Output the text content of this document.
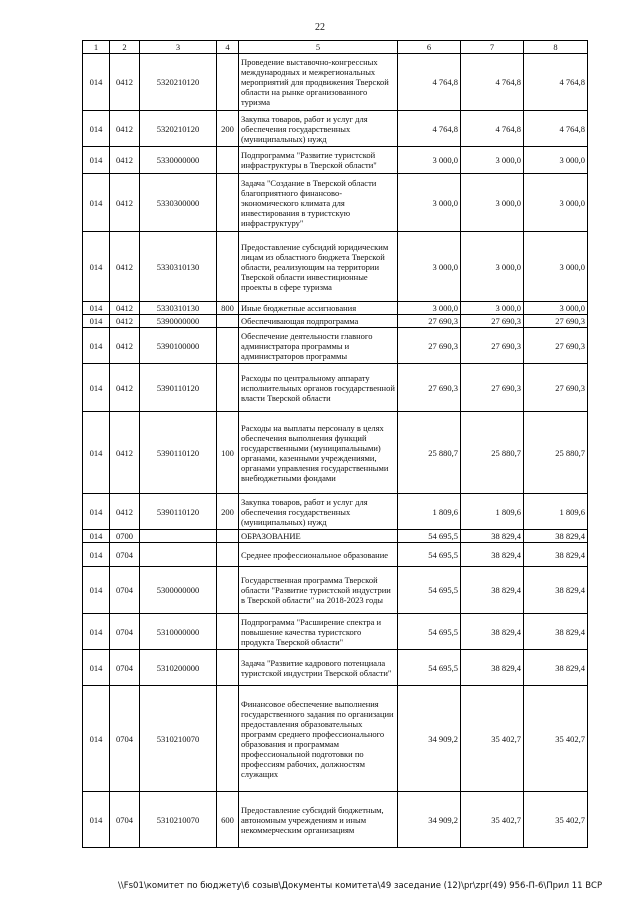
22
1	2	3	4	5	6	7	8
014	0412	5320210120		Проведение выставочно-конгрессных международных и межрегиональных мероприятий для продвижения Тверской области на рынке организованного туризма	4 764,8	4 764,8	4 764,8
014	0412	5320210120	200	Закупка товаров, работ и услуг для обеспечения государственных (муниципальных) нужд	4 764,8	4 764,8	4 764,8
014	0412	5330000000		Подпрограмма "Развитие туристской инфраструктуры в Тверской области"	3 000,0	3 000,0	3 000,0
014	0412	5330300000		Задача "Создание в Тверской области благоприятного финансово-экономического климата для инвестирования в туристскую инфраструктуру"	3 000,0	3 000,0	3 000,0
014	0412	5330310130		Предоставление субсидий юридическим лицам из областного бюджета Тверской области, реализующим на территории Тверской области инвестиционные проекты в сфере туризма	3 000,0	3 000,0	3 000,0
014	0412	5330310130	800	Иные бюджетные ассигнования	3 000,0	3 000,0	3 000,0
014	0412	5390000000		Обеспечивающая подпрограмма	27 690,3	27 690,3	27 690,3
014	0412	5390100000		Обеспечение деятельности главного администратора программы и администраторов программы	27 690,3	27 690,3	27 690,3
014	0412	5390110120		Расходы по центральному аппарату исполнительных органов государственной власти Тверской области	27 690,3	27 690,3	27 690,3
014	0412	5390110120	100	Расходы на выплаты персоналу в целях обеспечения выполнения функций государственными (муниципальными) органами, казенными учреждениями, органами управления государственными внебюджетными фондами	25 880,7	25 880,7	25 880,7
014	0412	5390110120	200	Закупка товаров, работ и услуг для обеспечения государственных (муниципальных) нужд	1 809,6	1 809,6	1 809,6
014	0700			ОБРАЗОВАНИЕ	54 695,5	38 829,4	38 829,4
014	0704			Среднее профессиональное образование	54 695,5	38 829,4	38 829,4
014	0704	5300000000		Государственная программа Тверской области "Развитие туристской индустрии в Тверской области" на 2018-2023 годы	54 695,5	38 829,4	38 829,4
014	0704	5310000000		Подпрограмма "Расширение спектра и повышение качества туристского продукта Тверской области"	54 695,5	38 829,4	38 829,4
014	0704	5310200000		Задача "Развитие кадрового потенциала туристской индустрии Тверской области"	54 695,5	38 829,4	38 829,4
014	0704	5310210070		Финансовое обеспечение выполнения государственного задания по организации предоставления образовательных программ среднего профессионального образования и программам профессиональной подготовки по профессиям рабочих, должностям служащих	34 909,2	35 402,7	35 402,7
014	0704	5310210070	600	Предоставление субсидий бюджетным, автономным учреждениям и иным некоммерческим организациям	34 909,2	35 402,7	35 402,7
\\Fs01\комитет по бюджету\6 созыв\Документы комитета\49 заседание (12)\pr\zpr(49) 956-П-6\Прил 11 ВСР
